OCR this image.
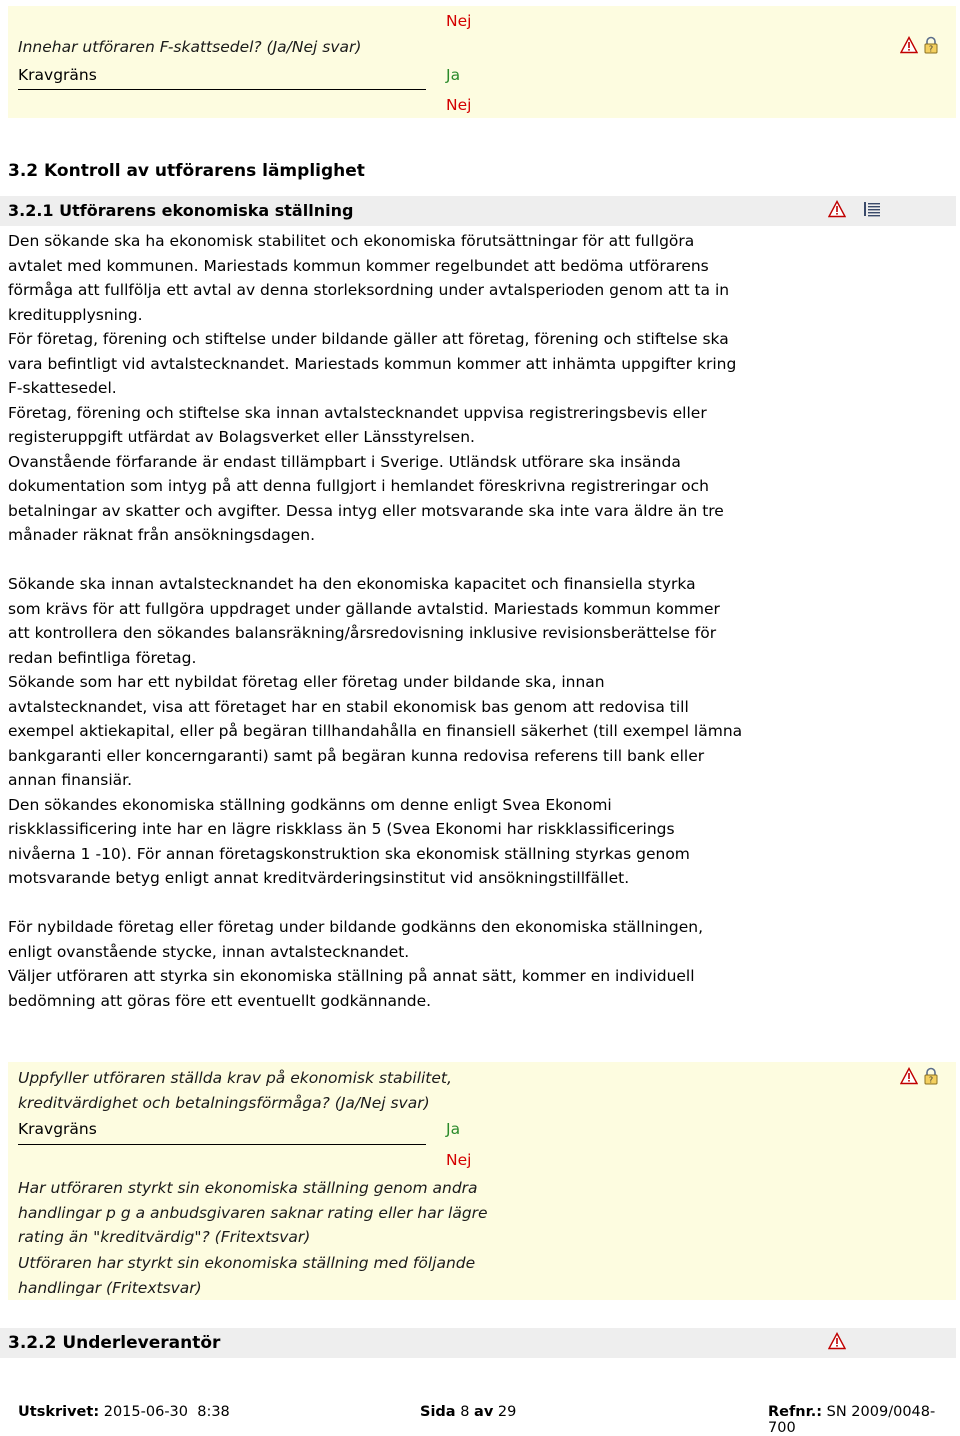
Innehar utföraren F-skattsedel? (Ja/Nej svar)
Kravgräns
Nej
Ja
Nej
?
3.2 Kontroll av utförarens lämplighet
3.2.1 Utförarens ekonomiska ställning
Den sökande ska ha ekonomisk stabilitet och ekonomiska förutsättningar för att fullgöra
avtalet med kommunen. Mariestads kommun kommer regelbundet att bedöma utförarens
förmåga att fullfölja ett avtal av denna storleksordning under avtalsperioden genom att ta in
kreditupplysning.
För företag, förening och stiftelse under bildande gäller att företag, förening och stiftelse ska
vara befintligt vid avtalstecknandet. Mariestads kommun kommer att inhämta uppgifter kring
F-skattesedel.
Företag, förening och stiftelse ska innan avtalstecknandet uppvisa registreringsbevis eller
registeruppgift utfärdat av Bolagsverket eller Länsstyrelsen.
Ovanstående förfarande är endast tillämpbart i Sverige. Utländsk utförare ska insända
dokumentation som intyg på att denna fullgjort i hemlandet föreskrivna registreringar och
betalningar av skatter och avgifter. Dessa intyg eller motsvarande ska inte vara äldre än tre
månader räknat från ansökningsdagen.
Sökande ska innan avtalstecknandet ha den ekonomiska kapacitet och finansiella styrka
som krävs för att fullgöra uppdraget under gällande avtalstid. Mariestads kommun kommer
att kontrollera den sökandes balansräkning/årsredovisning inklusive revisionsberättelse för
redan befintliga företag.
Sökande som har ett nybildat företag eller företag under bildande ska, innan
avtalstecknandet, visa att företaget har en stabil ekonomisk bas genom att redovisa till
exempel aktiekapital, eller på begäran tillhandahålla en finansiell säkerhet (till exempel lämna
bankgaranti eller koncerngaranti) samt på begäran kunna redovisa referens till bank eller
annan finansiär.
Den sökandes ekonomiska ställning godkänns om denne enligt Svea Ekonomi
riskklassificering inte har en lägre riskklass än 5 (Svea Ekonomi har riskklassificerings
nivåerna 1 -10). För annan företagskonstruktion ska ekonomisk ställning styrkas genom
motsvarande betyg enligt annat kreditvärderingsinstitut vid ansökningstillfället.
För nybildade företag eller företag under bildande godkänns den ekonomiska ställningen,
enligt ovanstående stycke, innan avtalstecknandet.
Väljer utföraren att styrka sin ekonomiska ställning på annat sätt, kommer en individuell
bedömning att göras före ett eventuellt godkännande.
Uppfyller utföraren ställda krav på ekonomisk stabilitet,
kreditvärdighet och betalningsförmåga? (Ja/Nej svar)
Kravgräns	Ja
Nej
Har utföraren styrkt sin ekonomiska ställning genom andra
handlingar p g a anbudsgivaren saknar rating eller har lägre
rating än "kreditvärdig"? (Fritextsvar)
Utföraren har styrkt sin ekonomiska ställning med följande
handlingar (Fritextsvar)
?
3.2.2 Underleverantör
Utskrivet: 2015-06-30  8:38	Sida 8 av 29	Refnr.: SN 2009/0048-700
